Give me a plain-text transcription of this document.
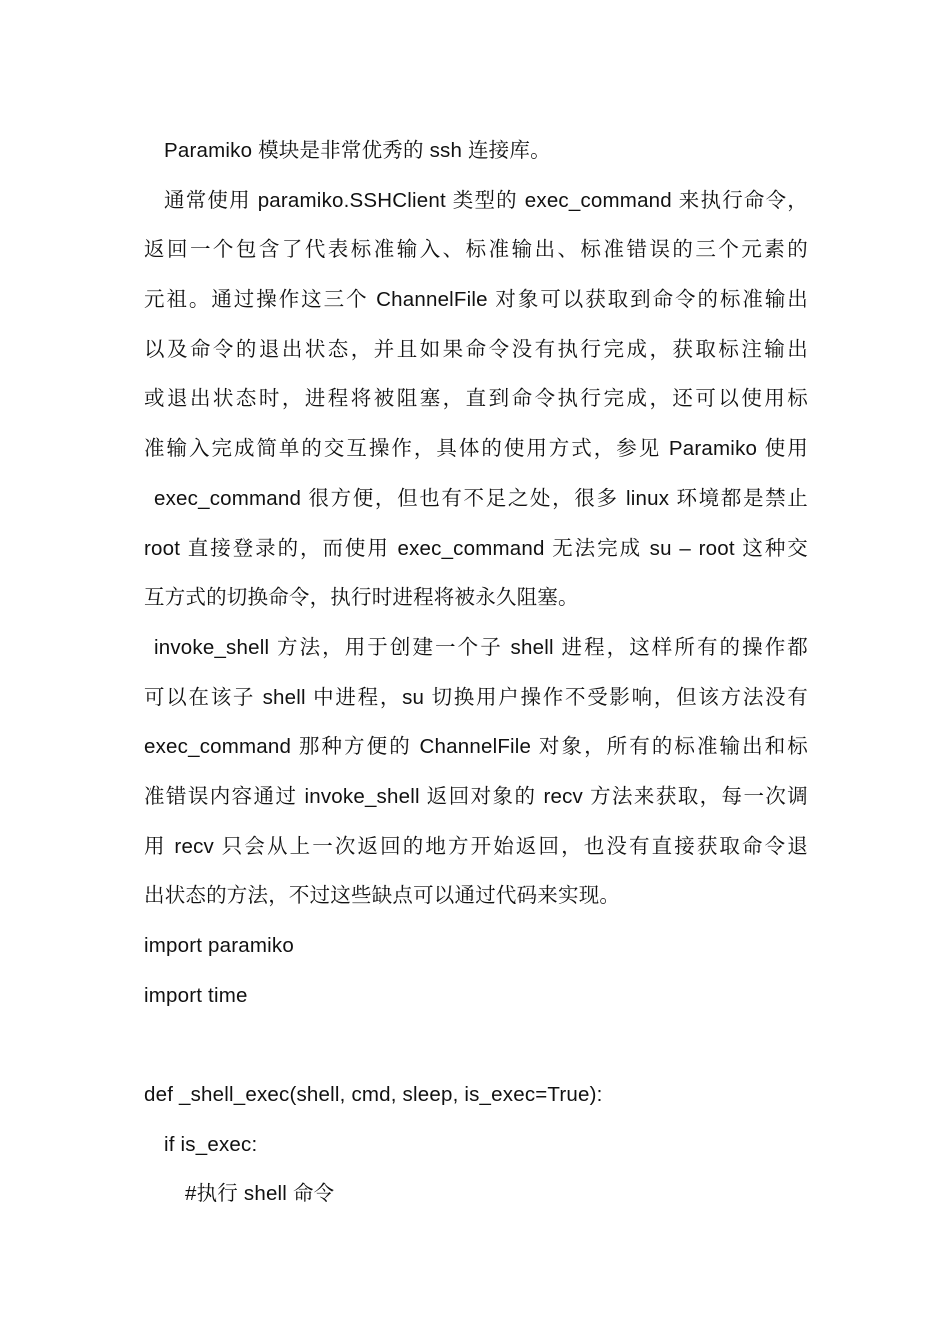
Paramiko 模块是非常优秀的 ssh 连接库。
通常使用 paramiko.SSHClient 类型的 exec_command 来执行命令，
返回一个包含了代表标准输入、标准输出、标准错误的三个元素的
元祖。通过操作这三个 ChannelFile 对象可以获取到命令的标准输出
以及命令的退出状态，并且如果命令没有执行完成，获取标注输出
或退出状态时，进程将被阻塞，直到命令执行完成，还可以使用标
准输入完成简单的交互操作，具体的使用方式，参见 Paramiko 使用
exec_command 很方便，但也有不足之处，很多 linux 环境都是禁止
root 直接登录的，而使用 exec_command 无法完成 su – root 这种交
互方式的切换命令，执行时进程将被永久阻塞。
invoke_shell 方法，用于创建一个子 shell 进程，这样所有的操作都
可以在该子 shell 中进程，su 切换用户操作不受影响，但该方法没有
exec_command 那种方便的 ChannelFile 对象，所有的标准输出和标
准错误内容通过 invoke_shell 返回对象的 recv 方法来获取，每一次调
用 recv 只会从上一次返回的地方开始返回，也没有直接获取命令退
出状态的方法，不过这些缺点可以通过代码来实现。
import paramiko
import time
def _shell_exec(shell, cmd, sleep, is_exec=True):
if is_exec:
#执行 shell 命令
